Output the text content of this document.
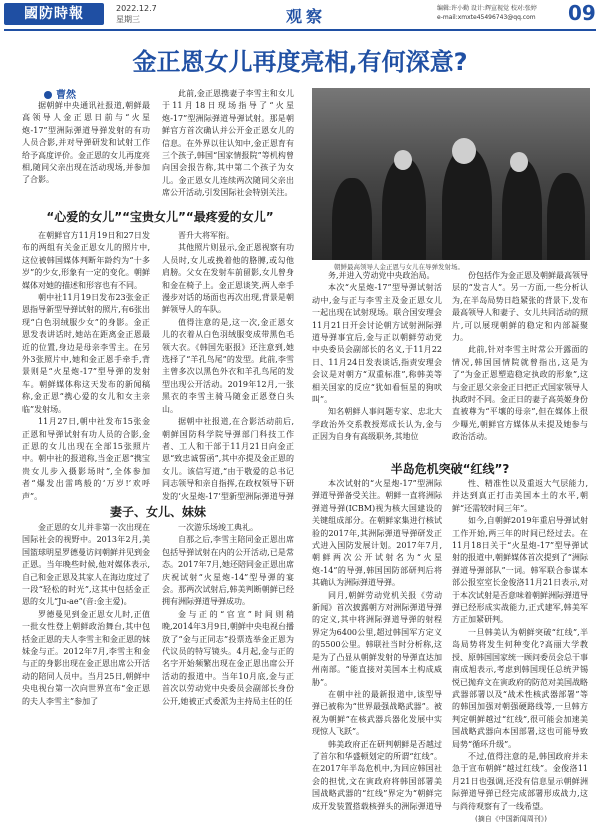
國防時報	2022.12.7
星期三	观察	编辑:许小勤 设计:辉宣视觉 校对:张婷
e-mail:xmxte45496743@qq.com	09
金正恩女儿再度亮相,有何深意?
曹然
朝鲜最高领导人金正恩与女儿在导弹发射场。

据朝鲜中央通讯社报道,朝鲜最高领导人金正恩日前与“火星炮-17”型洲际弹道导弹发射的有功人员合影,并对导弹研发和试射工作给予高度评价。金正恩的女儿再度亮相,随同父亲出现在活动现场,并参加了合影。

此前,金正恩携妻子李雪主和女儿于11月18日现场指导了“火星炮-17”型洲际弹道导弹试射。那是朝鲜官方首次确认并公开金正恩女儿的信息。在外界以往认知中,金正恩育有三个孩子,韩国“国家情报院”等机构曾向国会报告称,其中第二个孩子为女儿。金正恩女儿连续两次随同父亲出席公开活动,引发国际社会特别关注。

“心爱的女儿”“宝贵女儿”“最疼爱的女儿”

在朝鲜官方11月19日和27日发布的两组有关金正恩女儿的照片中,这位被韩国媒体判断年龄约为“十多岁”的少女,形象有一定的变化。朝鲜媒体对她的描述和形容也有不同。

朝中社11月19日发布23张金正恩指导新型导弹试射的照片,有6张出现“白色羽绒服少女”的身影。金正恩发表讲话时,她站在距离金正恩最近的位置,身边是母亲李雪主。在另外3张照片中,她和金正恩手牵手,背景则是“火星炮-17”型导弹的发射车。朝鲜媒体称这天发布的新闻稿称,金正恩“携心爱的女儿和女主亲临”发射场。

11月27日,朝中社发布15张金正恩和导弹试射有功人员的合影,金正恩的女儿出现在全部15张照片中。朝中社的报道称,当金正恩“携宝贵女儿步入摄影场时”,全体参加者“爆发出雷鸣般的‘万岁!’欢呼声”。

晋升大将军衔。

其他照片则显示,金正恩视察有功人员时,女儿或挽着他的胳膊,或勾他肩膀。父女在发射车前留影,女儿曾身和金在椅子上。金正恩谈笑,两人牵手漫步对话的场面也再次出现,背景是朝鲜领导人的车队。

值得注意的是,这一次,金正恩女儿的衣着从白色羽绒服变成带黑色毛领大衣。《韩国先驱报》还注意到,她选择了“羊孔鸟尾”的发型。此前,李雪主曾多次以黑色外衣和羊孔鸟尾的发型出现公开活动。2019年12月,一张黑衣的李雪主骑马随金正恩登白头山。

据朝中社报道,在合影活动前后,朝鲜国防科学院导弹部门科技工作者、工人和干部于11月21日向金正恩“致忠诚誓函”,其中亦提及金正恩的女儿。该信写道,“由于敬爱的总书记同志领导和亲自指挥,在政权领导下研发的‘火星炮-17’型新型洲际弹道导弹

务,并进入劳动党中央政治局。

本次“火星炮-17”型导弹试射活动中,金与正与李雪主及金正恩女儿一起出现在试射现场。联合国安理会11月21日开会讨论朝方试射洲际弹道导弹事宜后,金与正以朝鲜劳动党中央委员会副部长的名义,于11月22日、11月24日发表谈话,指责安理会会议是对朝方“双重标准”,称韩美等相关国家的反应“犹如看恒星的狗吠叫”。

知名朝鲜人事问题专家、忠北大学政治外交系教授郑成长认为,金与正因为自身有高级职务,其地位

份包括作为金正恩及朝鲜最高领导层的“发言人”。另一方面,一些分析认为,在半岛局势日趋紧张的背景下,发布最高领导人和妻子、女儿共同活动的照片,可以展现朝鲜的稳定和内部凝聚力。

此前,针对李雪主时常公开露面的情况,韩国国情院就曾指出,这是为了“为金正恩塑造稳定执政的形象”,这与金正恩父亲金正日把正式国家领导人执政时不同。金正日的妻子高英姬身份直被尊为“平壤的母亲”,但在媒体上很少曝光,朝鲜官方媒体从未提及她参与政治活动。

妻子、女儿、妹妹
半岛危机突破“红线”?

金正恩的女儿并非第一次出现在国际社会的视野中。2013年2月,美国篮球明星罗德曼访问朝鲜并见到金正恩。当年晚些时候,他对媒体表示,自己和金正恩及其家人在海边度过了一段“轻松的时光”,这其中包括金正恩的女儿“Ju-ae”(音:金主爱)。

罗德曼见到金正恩女儿时,正值一批女性登上朝鲜政治舞台,其中包括金正恩的夫人李雪主和金正恩的妹妹金与正。2012年7月,李雪主和金与正的身影出现在金正恩出席公开活动的陪同人员中。当月25日,朝鲜中央电视台第一次向世界宣布“金正恩的夫人李雪主”参加了

一次游乐场竣工典礼。

自那之后,李雪主陪同金正恩出席包括导弹试射在内的公开活动,已是常态。2017年7月,她还陪同金正恩出席庆祝试射“火星炮-14”型导弹的宴会。那两次试射后,韩美判断朝鲜已经拥有洲际弹道导弹成功。

金与正的“官宣”时间则稍晚,2014年3月9日,朝鲜中央电视台播放了“金与正同志”投票选举金正恩为代议员的特写镜头。4月起,金与正的名字开始频繁出现在金正恩出席公开活动的报道中。当年10月底,金与正首次以劳动党中央委员会副部长身份公开,她被正式委派为主持局主任的任

本次试射的“火星炮-17”型洲际弹道导弹备受关注。朝鲜一直将洲际弹道导弹(ICBM)视为核大国建设的关键组成部分。在朝鲜家集进行核试验的2017年,其洲际弹道导弹研发正式进入国防发展计划。2017年7月,朝鲜两次公开试射名为“火星炮-14”的导弹,韩国国防部研判后将其确认为洲际弹道导弹。

同月,朝鲜劳动党机关报《劳动新闻》首次披露朝方对洲际弹道导弹的定义,其中将洲际弹道导弹的射程界定为6400公里,超过韩国军方定义的5500公里。韩联社当时分析称,这是为了凸显从朝鲜发射的导弹直达加州南部。“能直接对美国本土构成威胁”。

在朝中社的最新报道中,该型导弹已被称为“世界最强战略武器”。被视为朝鲜“在核武器兵器化发展中实现惊人飞跃”。

韩美政府正在研判朝鲜是否越过了首尔和华盛顿划定的所谓“红线”。在2017年半岛危机中,为回应韩国社会的担忧,文在寅政府将韩国部署美国战略武器的“红线”界定为“朝鲜完成开发装置搭载核弹头的洲际弹道导

性、精准性以及重返大气层能力,并达到真正打击美国本土的水平,朝鲜“还需较时间三年”。

如今,自朝鲜2019年重启导弹试射工作开始,两三年的时间已经过去。在11月18日关于“火星炮-17”型导弹试射的报道中,朝鲜媒体首次提到了“洲际弹道导弹部队”一词。韩军联合参谋本部公报室室长金俊洛11月21日表示,对于本次试射是否意味着朝鲜洲际弹道导弹已经形成实战能力,正式建军,韩美军方正加紧研判。

一旦韩美认为朝鲜突破“红线”,半岛局势将发生何种变化?高丽大学教授、原韩国国家统一顾问委员会总干事南成旭表示,考虑到韩国现任总统尹锡悦已抛弃文在寅政府的防范对美国战略武器部署以及“战术性核武器部署”等的韩国加强对朝强硬路线等,一旦韩方判定朝鲜越过“红线”,很可能会加速美国战略武器向本国部署,这也可能导致局势“循环升级”。

不过,值得注意的是,韩国政府并未急于宣布朝鲜“越过红线”。金俊洛11月21日也强调,还没有信息显示朝鲜洲际弹道导弹已经完成部署形成战力,这与尚待观察有了一线希望。

(摘自《中国新闻周刊》)
